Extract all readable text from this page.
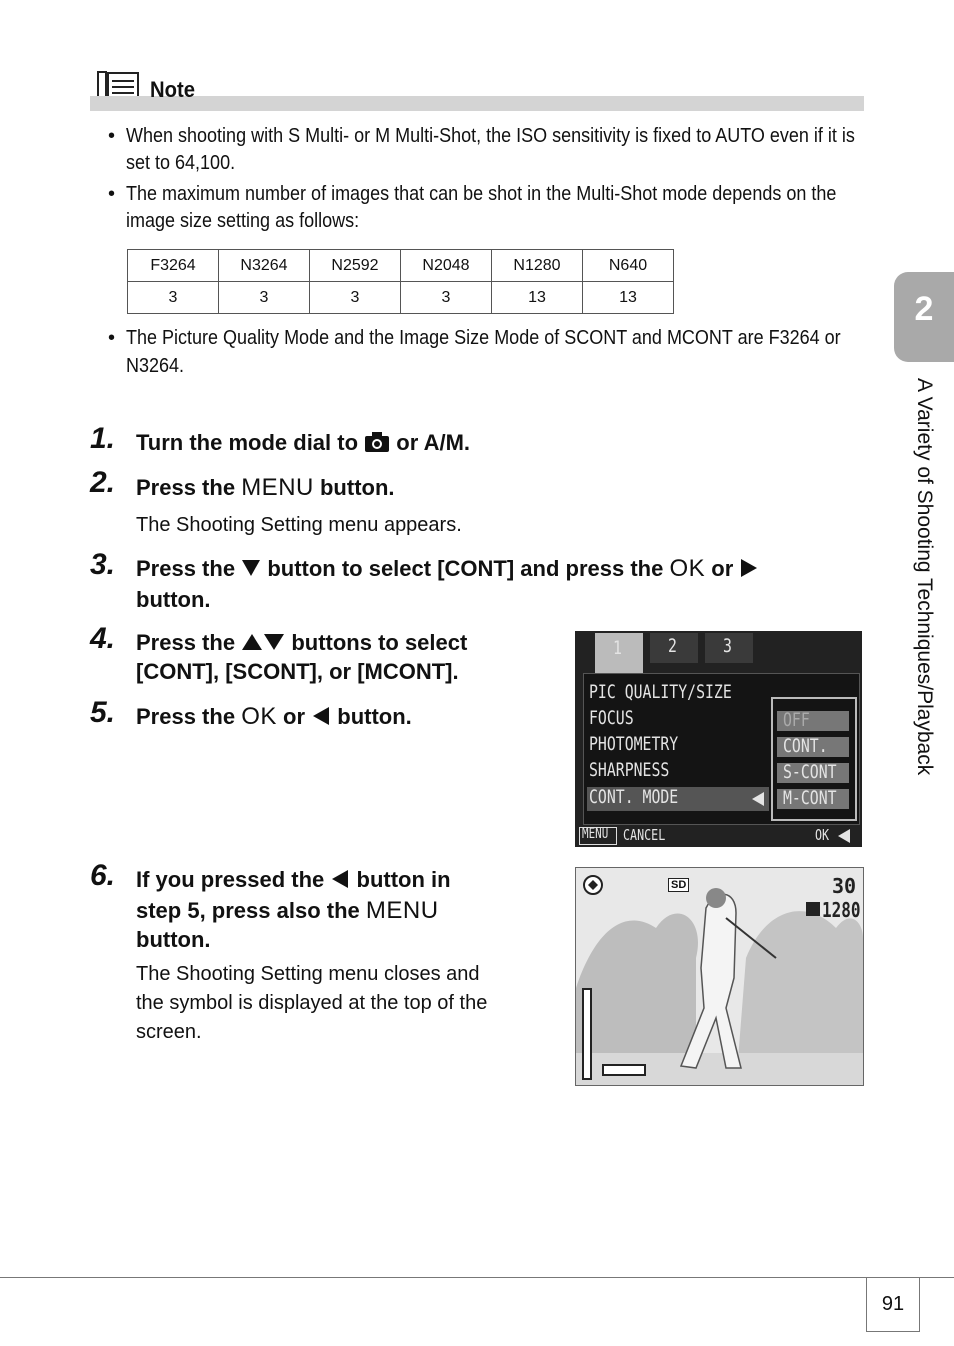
Note
• When shooting with S Multi- or M Multi-Shot, the ISO sensitivity is fixed to AUTO even if it is
set to 64,100.
• The maximum number of images that can be shot in the Multi-Shot mode depends on the
image size setting as follows:
F3264	N3264	N2592	N2048	N1280	N640
3	3	3	3	13	13
• The Picture Quality Mode and the Image Size Mode of SCONT and MCONT are F3264 or
N3264.
1. Turn the mode dial to or A/M.
2. Press the MENU button.
The Shooting Setting menu appears.
3. Press the button to select [CONT] and press the OK or
button.
4. Press the	buttons to select
[CONT], [SCONT], or [MCONT].
5. Press the OK or button.
6. If you pressed the button in
step 5, press also the MENU
button.
The Shooting Setting menu closes and
the symbol is displayed at the top of the
screen.
1 2 3
PIC QUALITY/SIZE
FOCUS
PHOTOMETRY
SHARPNESS
CONT. MODE
OFF
CONT.
S-CONT
M-CONT
MENU CANCEL	OK
SD	30
1280
2
A Variety of Shooting Techniques/Playback
91
